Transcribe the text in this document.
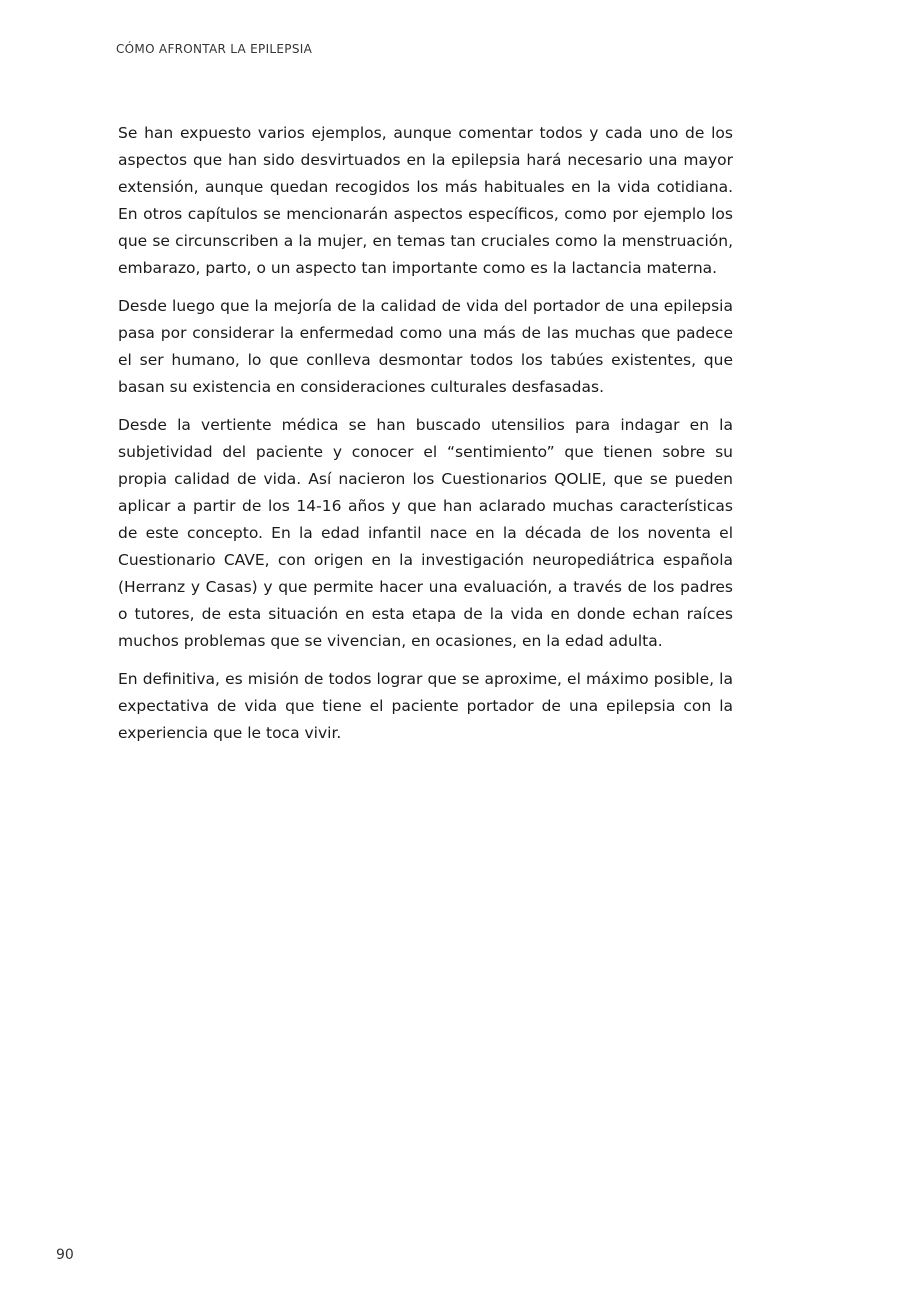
CÓMO AFRONTAR LA EPILEPSIA

Se han expuesto varios ejemplos, aunque comentar todos y cada uno de los aspectos que han sido desvirtuados en la epilepsia hará necesario una mayor extensión, aunque quedan recogidos los más habituales en la vida cotidiana. En otros capítulos se mencionarán aspectos específicos, como por ejemplo los que se circunscriben a la mujer, en temas tan cruciales como la menstruación, embarazo, parto, o un aspecto tan importante como es la lactancia materna.

Desde luego que la mejoría de la calidad de vida del portador de una epilepsia pasa por considerar la enfermedad como una más de las muchas que padece el ser humano, lo que conlleva desmontar todos los tabúes existentes, que basan su existencia en consideraciones culturales desfasadas.

Desde la vertiente médica se han buscado utensilios para indagar en la subjetividad del paciente y conocer el “sentimiento” que tienen sobre su propia calidad de vida. Así nacieron los Cuestionarios QOLIE, que se pueden aplicar a partir de los 14-16 años y que han aclarado muchas características de este concepto. En la edad infantil nace en la década de los noventa el Cuestionario CAVE, con origen en la investigación neuropediátrica española (Herranz y Casas) y que permite hacer una evaluación, a través de los padres o tutores, de esta situación en esta etapa de la vida en donde echan raíces muchos problemas que se vivencian, en ocasiones, en la edad adulta.

En definitiva, es misión de todos lograr que se aproxime, el máximo posible, la expectativa de vida que tiene el paciente portador de una epilepsia con la experiencia que le toca vivir.

90
